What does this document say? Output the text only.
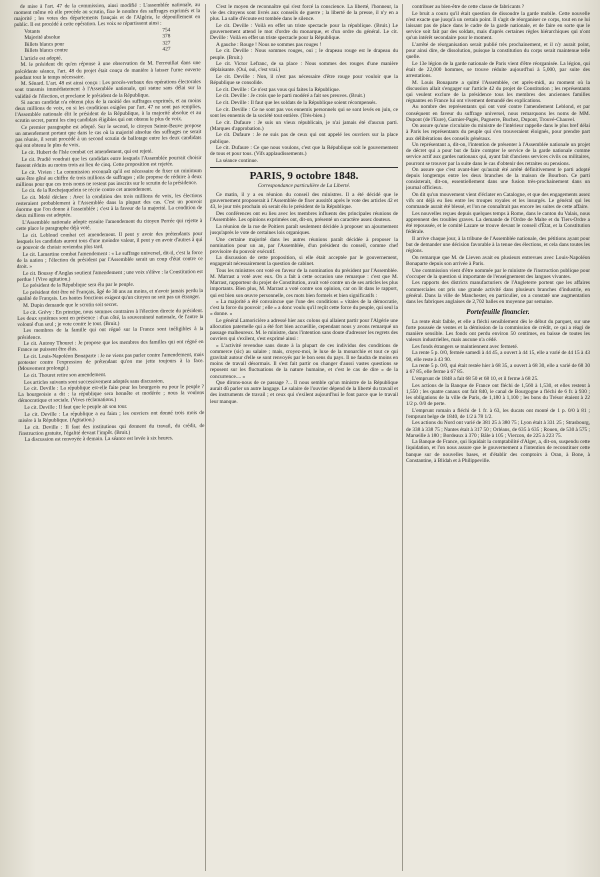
de mise à l'art. 47 de la commission, ainsi modifié : L'assemblée nationale, au moment même où elle procède au scrutin, fixe le nombre des suffrages exprimés et la majorité ; les votes des départements français et de l'Algérie, le dépouillement en public. Il est procédé à cette opération. Les voix se répartissent ainsi :

Votants	754
Majorité absolue	378
Billets blancs pour	327
Billets blancs contre	427

L'article est adopté.

M. le président dit qu'en réponse à une observation de M. Ferrouillat dans une précédente séance, l'art. 48 du projet était conçu de manière à laisser l'urne ouverte pendant tout le temps nécessaire.

M. Sénard. L'art. 48 est ainsi conçu : Les procès-verbaux des opérations électorales sont transmis immédiatement à l'Assemblée nationale, qui statue sans délai sur la validité de l'élection, et proclame le président de la République.

Si aucun candidat n'a obtenu plus de la moitié des suffrages exprimés, et au moins deux millions de voix, ou si les conditions exigées par l'art. 47 ne sont pas remplies, l'Assemblée nationale élit le président de la République, à la majorité absolue et au scrutin secret, parmi les cinq candidats éligibles qui ont obtenu le plus de voix.

Ce premier paragraphe est adopté. Sur le second, le citoyen Sainte-Beuve propose un amendement portant que dans le cas où la majorité absolue des suffrages ne serait pas réunie, il serait procédé à un second scrutin de ballotage entre les deux candidats qui ont obtenu le plus de voix.

Le cit. Hubert de l'Isle combat cet amendement, qui est rejeté.

Le cit. Pradié voudrait que les candidats entre lesquels l'Assemblée pourrait choisir fussent réduits au moins trois au lieu de cinq. Cette proposition est rejetée.

Le cit. Vivien : La commission reconnaît qu'il est nécessaire de fixer un minimum sans être gêné au chiffre de trois millions de suffrages ; elle propose de réduire à deux millions pour que ces trois noms ne restent pas inscrits sur le scrutin de la présidence.

Le cit. de la Rochejaquelein se récrie contre cet amendement.

Le cit. Molé déclare : Avec la condition des trois millions de voix, les élections resteraient probablement à l'Assemblée dans la plupart des cas. C'est un pouvoir énorme que l'on donne à l'assemblée ; c'est à la faveur de la majorité. La condition de deux millions est adoptée.

L'Assemblée nationale adopte ensuite l'amendement du citoyen Perrée qui rejette à cette place le paragraphe déjà voté.

Le cit. Leblond combat cet amendement. Il peut y avoir des prétendants pour lesquels les candidats auront tous d'une moindre valeur, il peut y en avoir d'autres à qui ce pouvoir de choisir reviendra plus tard.

Le cit. Lamartine combat l'amendement : « Le suffrage universel, dit-il, c'est la force de la nation ; l'élection du président par l'Assemblée serait un coup d'état contre ce droit. »

Le cit. Boussy d'Anglas soutient l'amendement ; une voix s'élève : la Constitution est perdue ! (Vive agitation.)

Le président de la République sera élu par le peuple.

Le président doit être né Français, âgé de 30 ans au moins, et n'avoir jamais perdu la qualité de Français. Les hautes fonctions exigent qu'un citoyen ne soit pas un étranger.

M. Dupin demande que le scrutin soit secret.

Le cit. Grévy : En principe, nous sommes contraires à l'élection directe du président. Les deux systèmes sont en présence : d'un côté, la souveraineté nationale, de l'autre la volonté d'un seul ; je vote contre le tout. (Bruit.)

Les membres de la famille qui ont régné sur la France sont inéligibles à la présidence.

Le cit. Antony Thouret : Je propose que les membres des familles qui ont régné en France ne puissent être élus.

Le cit. Louis-Napoléon Bonaparte : Je ne viens pas parler contre l'amendement, mais protester contre l'expression de prétendant qu'on me jette toujours à la face. (Mouvement prolongé.)

Le cit. Thouret retire son amendement.

Les articles suivants sont successivement adoptés sans discussion.

Le cit. Deville : La république est-elle faite pour les bourgeois ou pour le peuple ? La bourgeoisie a dit : la république sera honnête et modérée ; nous la voulons démocratique et sociale. (Vives réclamations.)

Le cit. Deville : Il faut que le peuple ait son tour.

Le cit. Deville : La république a eu faim ; les ouvriers ont donné trois mois de misère à la République. (Agitation.)

Le cit. Deville : Il faut des institutions qui donnent du travail, du crédit, de l'instruction gratuite, l'égalité devant l'impôt. (Bruit.)

La discussion est renvoyée à demain. La séance est levée à six heures.

C'est le moyen de reconnaître qui s'est forcé la conscience. La liberté, l'honneur, la vie des citoyens sont livrés aux conseils de guerre ; la liberté de la presse, il n'y en a plus. La salle d'écoute est tombée dans le silence.

Le cit. Deville : Voilà en effet un triste spectacle pour la république. (Bruit.) Le gouvernement attend le mot d'ordre du monarque, et d'un ordre du général. Le cit. Deville : Voilà en effet un triste spectacle pour la République.

A gauche : Rouge ! Nous ne sommes pas rouges !

Le cit. Deville : Nous sommes rouges, oui ; le drapeau rouge est le drapeau du peuple. (Bruit.)

Le cit. Victor Lefranc, de sa place : Nous sommes des rouges d'une manière déplaisante. (Oui, oui, c'est vrai.)

Le cit. Deville : Non, il n'est pas nécessaire d'être rouge pour vouloir que la République se consolide.

Le cit. Deville : Ce n'est pas vous qui faites la République.

Le cit. Deville : Je crois que le parti modéré a fait ses preuves. (Bruit.)

Le cit. Deville : Il faut que les soldats de la République soient récompensés.

Le cit. Deville : Ce ne sont pas vos ennemis personnels qui se sont levés en juin, ce sont les ennemis de la société tout entière. (Très-bien.)

Le cit. Dufaure : Je suis un vieux républicain, je n'ai jamais été d'aucun parti. (Marques d'approbation.)

Le cit. Dufaure : Je ne suis pas de ceux qui ont appelé les ouvriers sur la place publique.

Le cit. Dufaure : Ce que nous voulons, c'est que la République soit le gouvernement de tous et pour tous. (Vifs applaudissements.)

La séance continue.

PARIS, 9 octobre 1848.
Correspondance particulière de La Liberté.

Ce matin, il y a eu réunion du conseil des ministres. Il a été décidé que le gouvernement proposerait à l'Assemblée de fixer aussitôt après le vote des articles 42 et 43, le jour très prochain où serait élu le président de la République.

Des conférences ont eu lieu avec les membres influents des principales réunions de l'Assemblée. Les opinions exprimées ont, dit-on, présenté un caractère assez douteux.

La réunion de la rue de Poitiers paraît seulement décidée à proposer un ajournement jusqu'après le vote de certaines lois organiques.

Une certaine majorité dans les autres réunions paraît décidée à proposer la nomination pour un an, par l'Assemblée, d'un président du conseil, comme chef provisoire du pouvoir exécutif.

La discussion de cette proposition, si elle était acceptée par le gouvernement, engagerait nécessairement la question de cabinet.

Tous les ministres ont voté en faveur de la nomination du président par l'Assemblée. M. Marrast a voté avec eux. On a fait à cette occasion une remarque : c'est que M. Marrast, rapporteur du projet de Constitution, avait voté contre un de ses articles les plus importants. Bien plus, M. Marrast a voté contre son opinion, car on lit dans le rapport, qui est bien son œuvre personnelle, ces mots bien formels et bien significatifs :

« La majorité a été convaincue que l'une des conditions « vitales de la démocratie, c'est la force du pouvoir ; elle « a donc voulu qu'il reçût cette force du peuple, qui seul la « donne. »

Le général Lamoricière a adressé hier aux colons qui allaient partir pour l'Algérie une allocution paternelle qui a été fort bien accueillie, cependant nous y avons remarqué un passage malheureux. M. le ministre, dans l'intention sans doute d'adresser les regrets des ouvriers qui s'exilent, s'est exprimé ainsi :

« L'activité revendue sans doute à la plupart de ces individus des conditions de commerce (sic) au salaire ; mais, croyez-moi, le luxe de la monarchie et tout ce qui gravitait autour d'elle se sont renvoyés par le bon sens du pays. Il ne faudra de moins en moins de travail désormais. Il s'est fait partir ou changer d'aussi vastes questions se reposent sur les fluctuations de la nature humaine, et c'est le cas de dire « de la concurrence.... »

Que dirons-nous de ce passage ?... Il nous semble qu'un ministre de la République aurait dû parler un autre langage. Le salaire de l'ouvrier dépend de la liberté du travail et des instruments de travail ; et ceux qui s'exilent aujourd'hui le font parce que le travail leur manque.

contribuer au bien-être de cette classe de fabricants ?

Le bruit a couru qu'il était question de dissoudre la garde mobile. Cette nouvelle n'est exacte que jusqu'à un certain point. Il s'agit de réorganiser ce corps, tout en ne lui laissant pas de place dans le cadre de la garde nationale, et de faire en sorte que le service soit fait par des soldats, mais d'après certaines règles hiérarchiques qui n'ont qu'un intérêt secondaire pour le moment.

L'arrêté de réorganisation serait publié très prochainement, et il n'y aurait point, pour ainsi dire, de dissolution, puisque la constitution du corps serait maintenue telle quelle.

Le 13e légion de la garde nationale de Paris vient d'être réorganisée. La légion, qui était de 22,000 hommes, se trouve réduite aujourd'hui à 5,000, par suite des arrestations.

M. Louis Bonaparte a quitté l'Assemblée, cet après-midi, au moment où la discussion allait s'engager sur l'article 42 du projet de Constitution ; les représentants qui veulent exclure de la présidence tous les membres des anciennes familles régnantes en France lui ont vivement demandé des explications.

Au nombre des représentants qui ont voté contre l'amendement Leblond, et par conséquent en faveur du suffrage universel, nous remarquons les noms de MM. Dupont (de l'Eure), Garnier-Pagès, Pagnerre, Buchez, Dupont, Trouvé-Chauvel.

On assure qu'une circulaire du ministre de l'intérieur rappelle dans le plus bref délai à Paris les représentants du peuple qui s'en trouveraient éloignés, pour prendre part aux délibérations des conseils généraux.

Un représentant a, dit-on, l'intention de présenter à l'Assemblée nationale un projet de décret qui a pour but de faire compter le service de la garde nationale comme service actif aux gardes nationaux qui, ayant fait d'anciens services civils ou militaires, pourront se trouver par la suite dans le cas d'obtenir des retraites ou pensions.

On assure que c'est avant-hier qu'aurait été arrêté définitivement le parti adopté depuis longtemps entre les deux branches de la maison de Bourbon. Ce parti consisterait, dit-on, essentiellement dans une fusion très-prochainement dans un journal officieux.

On dit qu'un mouvement vient d'éclater en Catalogne, et que des engagements assez vifs ont déjà eu lieu entre les troupes royales et les insurgés. Le général qui les commande aurait été blessé, et l'on ne connaîtrait pas encore les suites de cette affaire.

Les nouvelles reçues depuis quelques temps à Rome, dans le canton du Valais, nous apprennent des troubles graves. La demande de l'Ordre de Malte et du Tiers-Ordre a été repoussée, et le comité Lazare se trouve devant le conseil d'État, et la Constitution fédérale.

Il arrive chaque jour, à la tribune de l'Assemblée nationale, des pétitions ayant pour but de demander une décision favorable à la tenue des élections, et cela dans toutes les régions.

On remarque que M. de Lieven avait eu plusieurs entrevues avec Louis-Napoléon Bonaparte depuis son arrivée à Paris.

Une commission vient d'être nommée par le ministre de l'instruction publique pour s'occuper de la question si importante de l'enseignement des langues vivantes.

Les rapports des districts manufacturiers de l'Angleterre portent que les affaires commerciales ont pris une grande activité dans plusieurs branches d'industrie, en général. Dans la ville de Manchester, en particulier, on a constaté une augmentation dans les fabriques anglaises de 2,702 balles en moyenne par semaine.

Portefeuille financier.

La rente était faible, et elle a fléchi sensiblement dès le début du parquet, sur une forte poussée de ventes et la démission de la commission de crédit, ce qui a réagi de manière sensible. Les fonds ont perdu environ 50 centimes, en baisse de toutes les valeurs industrielles, mais aucune n'a cédé.

Les fonds étrangers se maintiennent avec fermeté.

La rente 5 p. 0/0, fermée samedi à 44 45, a ouvert à 44 15, elle a varié de 44 15 à 43 90, elle reste à 43 90.

La rente 5 p. 0/0, qui était restée hier à 68 35, a ouvert à 68 30, elle a varié de 68 30 à 67 85, elle ferme à 67 85.

L'emprunt de 1848 a fait 68 50 et 68 10, et il ferme à 68 25.

Les actions de la Banque de France ont fléchi de 1,560 à 1,530, et elles restent à 1,550 ; les quatre canaux ont fait 840, le canal de Bourgogne a fléchi de 6 fr. à 930 ; les obligations de la ville de Paris, de 1,180 à 1,100 ; les bons du Trésor étaient à 22 1/2 p. 0/0 de perte.

L'emprunt romain a fléchi de 1 fr. à 63, les ducats ont monté de 1 p. 0/0 à 81 ; l'emprunt belge de 1840, de 1/2 à 78 1/2.

Les actions du Nord ont varié de 381 25 à 380 75 ; Lyon était à 331 25 ; Strasbourg, de 338 à 338 75 ; Nantes était à 317 50 ; Orléans, de 635 à 635 ; Rouen, de 530 à 575 ; Marseille à 180 ; Bordeaux à 370 ; Bâle à 105 ; Vierzon, de 225 à 223 75.

La Banque de France, qui liquidait la comptabilité d'Alger, a, dit-on, suspendu cette liquidation, et l'on nous assure que le gouvernement a l'intention de reconstituer cette banque sur de nouvelles bases, et d'établir des comptoirs à Oran, à Bone, à Constantine, à Blidah et à Philippeville.
